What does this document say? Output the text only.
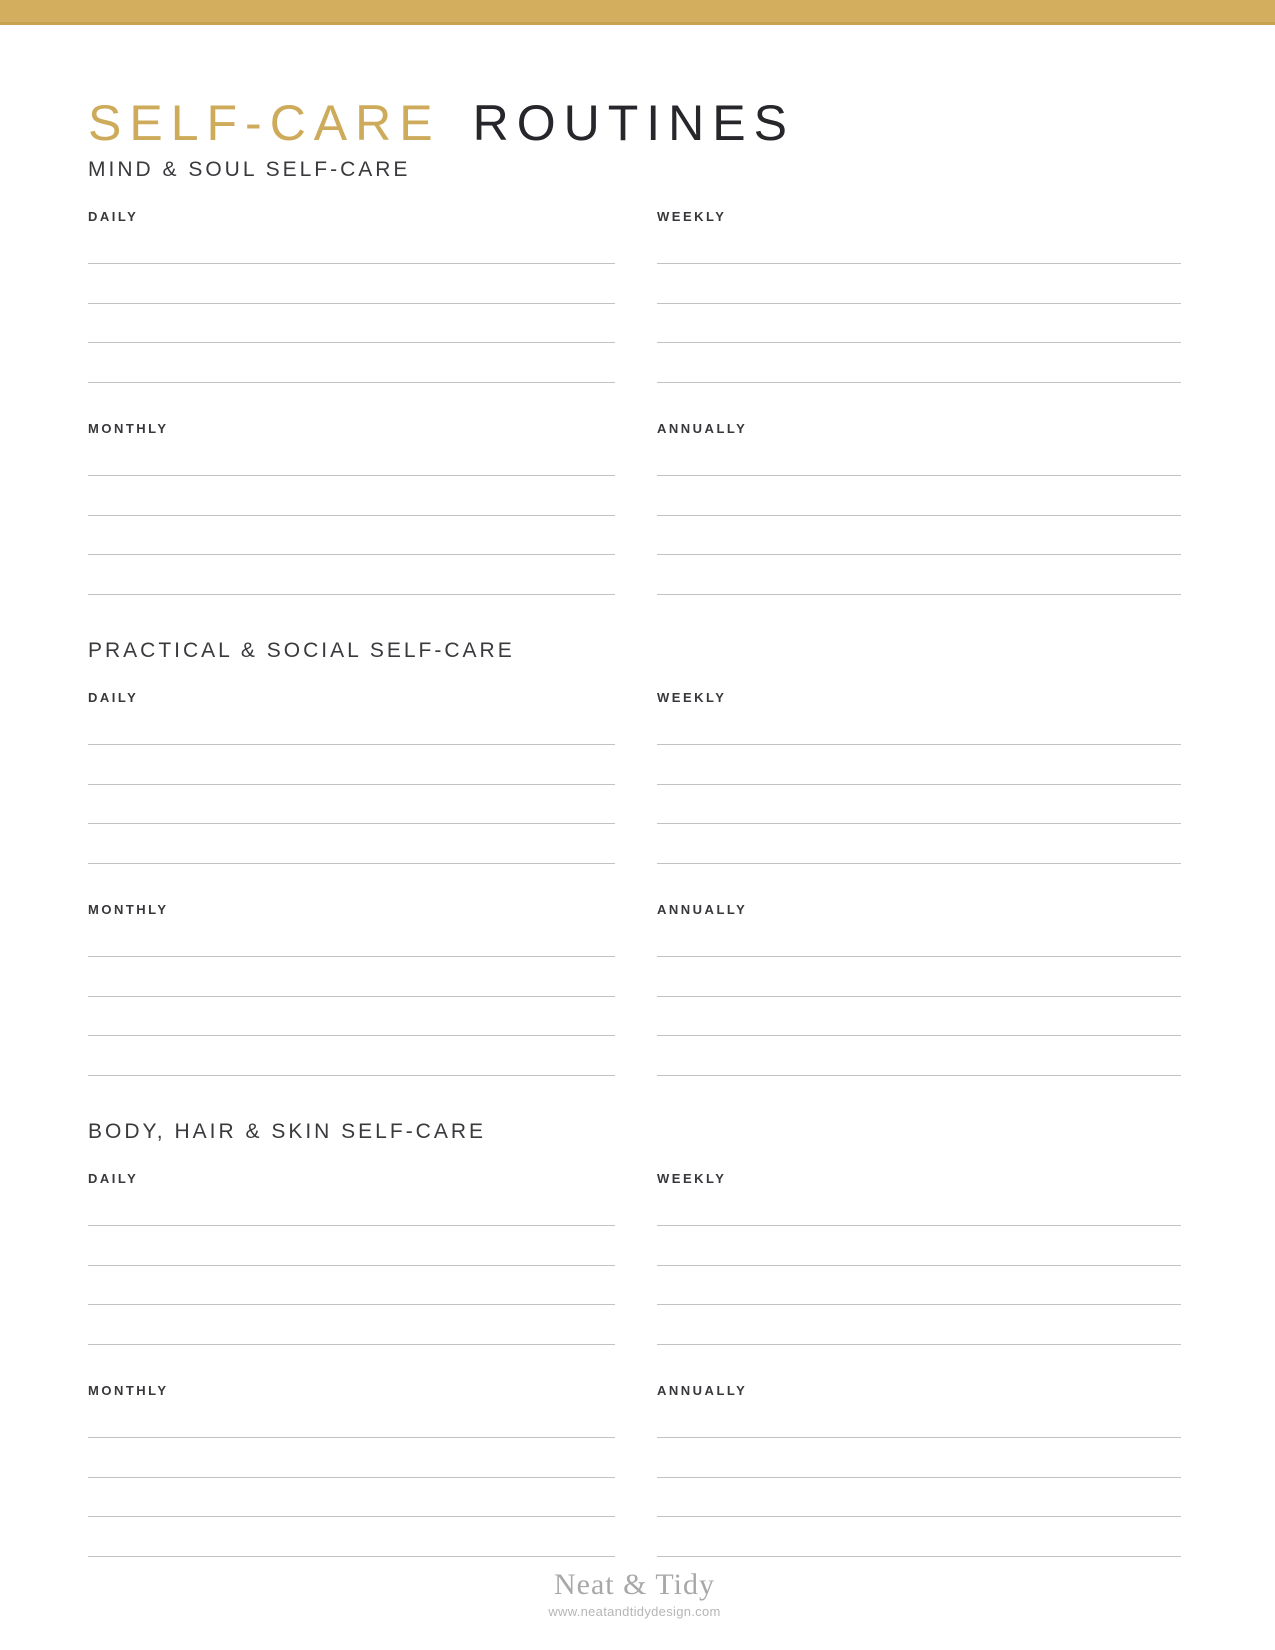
SELF-CARE ROUTINES
MIND & SOUL SELF-CARE
DAILY	WEEKLY
MONTHLY	ANNUALLY
PRACTICAL & SOCIAL SELF-CARE
DAILY	WEEKLY
MONTHLY	ANNUALLY
BODY, HAIR & SKIN SELF-CARE
DAILY	WEEKLY
MONTHLY	ANNUALLY
Neat & Tidy
www.neatandtidydesign.com
